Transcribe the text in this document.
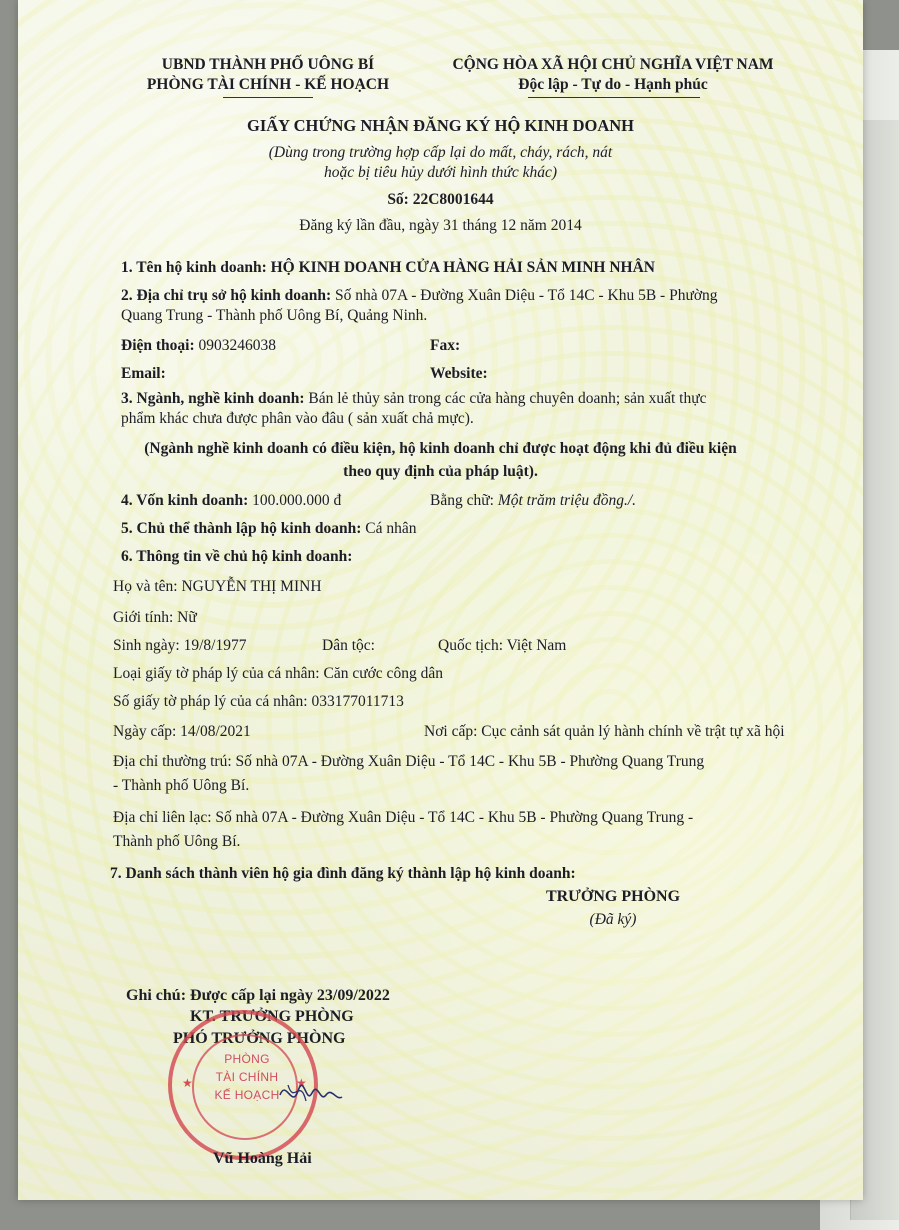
UBND THÀNH PHỐ UÔNG BÍ
PHÒNG TÀI CHÍNH - KẾ HOẠCH
CỘNG HÒA XÃ HỘI CHỦ NGHĨA VIỆT NAM
Độc lập - Tự do - Hạnh phúc
GIẤY CHỨNG NHẬN ĐĂNG KÝ HỘ KINH DOANH
(Dùng trong trường hợp cấp lại do mất, cháy, rách, nát
hoặc bị tiêu hủy dưới hình thức khác)
Số: 22C8001644
Đăng ký lần đầu, ngày 31 tháng 12 năm 2014
1. Tên hộ kinh doanh: HỘ KINH DOANH CỬA HÀNG HẢI SẢN MINH NHÂN
2. Địa chỉ trụ sở hộ kinh doanh: Số nhà 07A - Đường Xuân Diệu - Tổ 14C - Khu 5B - Phường
Quang Trung - Thành phố Uông Bí, Quảng Ninh.
Điện thoại: 0903246038	Fax:
Email:	Website:
3. Ngành, nghề kinh doanh: Bán lẻ thủy sản trong các cửa hàng chuyên doanh; sản xuất thực
phẩm khác chưa được phân vào đâu ( sản xuất chả mực).
(Ngành nghề kinh doanh có điều kiện, hộ kinh doanh chỉ được hoạt động khi đủ điều kiện
theo quy định của pháp luật).
4. Vốn kinh doanh: 100.000.000 đ	Bằng chữ: Một trăm triệu đồng./.
5. Chủ thể thành lập hộ kinh doanh: Cá nhân
6. Thông tin về chủ hộ kinh doanh:
Họ và tên: NGUYỄN THỊ MINH
Giới tính: Nữ
Sinh ngày: 19/8/1977	Dân tộc:	Quốc tịch: Việt Nam
Loại giấy tờ pháp lý của cá nhân: Căn cước công dân
Số giấy tờ pháp lý của cá nhân: 033177011713
Ngày cấp: 14/08/2021	Nơi cấp: Cục cảnh sát quản lý hành chính về trật tự xã hội
Địa chỉ thường trú: Số nhà 07A - Đường Xuân Diệu - Tổ 14C - Khu 5B - Phường Quang Trung
- Thành phố Uông Bí.
Địa chỉ liên lạc: Số nhà 07A - Đường Xuân Diệu - Tổ 14C - Khu 5B - Phường Quang Trung -
Thành phố Uông Bí.
7. Danh sách thành viên hộ gia đình đăng ký thành lập hộ kinh doanh:
TRƯỞNG PHÒNG
(Đã ký)
Ghi chú: Được cấp lại ngày 23/09/2022
KT. TRƯỞNG PHÒNG
PHÓ TRƯỞNG PHÒNG
PHÒNG
TÀI CHÍNH
KẾ HOẠCH
★	★
Vũ Hoàng Hải
